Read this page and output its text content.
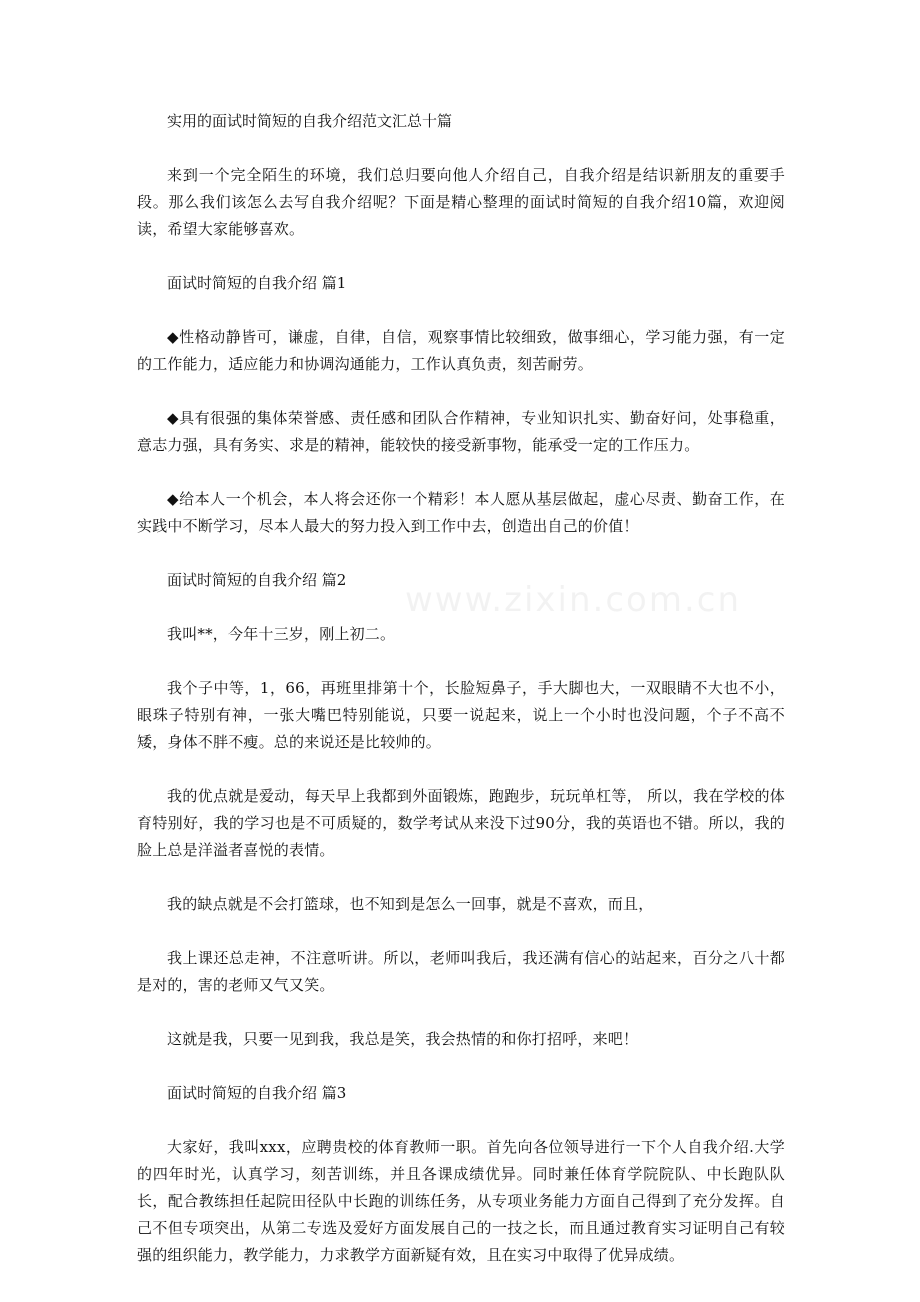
www.zixin.com.cn

实用的面试时简短的自我介绍范文汇总十篇

来到一个完全陌生的环境，我们总归要向他人介绍自己，自我介绍是结识新朋友的重要手段。那么我们该怎么去写自我介绍呢？下面是精心整理的面试时简短的自我介绍10篇，欢迎阅读，希望大家能够喜欢。

面试时简短的自我介绍 篇1

◆性格动静皆可，谦虚，自律，自信，观察事情比较细致，做事细心，学习能力强，有一定的工作能力，适应能力和协调沟通能力，工作认真负责，刻苦耐劳。

◆具有很强的集体荣誉感、责任感和团队合作精神，专业知识扎实、勤奋好问，处事稳重，意志力强，具有务实、求是的精神，能较快的接受新事物，能承受一定的工作压力。

◆给本人一个机会，本人将会还你一个精彩！本人愿从基层做起，虚心尽责、勤奋工作，在实践中不断学习，尽本人最大的努力投入到工作中去，创造出自己的价值！

面试时简短的自我介绍 篇2

我叫**，今年十三岁，刚上初二。

我个子中等，1，66，再班里排第十个，长脸短鼻子，手大脚也大，一双眼睛不大也不小，眼珠子特别有神，一张大嘴巴特别能说，只要一说起来，说上一个小时也没问题，个子不高不矮，身体不胖不瘦。总的来说还是比较帅的。

我的优点就是爱动，每天早上我都到外面锻炼，跑跑步，玩玩单杠等， 所以，我在学校的体育特别好，我的学习也是不可质疑的，数学考试从来没下过90分，我的英语也不错。所以，我的脸上总是洋溢者喜悦的表情。

我的缺点就是不会打篮球，也不知到是怎么一回事，就是不喜欢，而且，

我上课还总走神，不注意听讲。所以，老师叫我后，我还满有信心的站起来，百分之八十都是对的，害的老师又气又笑。

这就是我，只要一见到我，我总是笑，我会热情的和你打招呼，来吧！

面试时简短的自我介绍 篇3

大家好，我叫xxx，应聘贵校的体育教师一职。首先向各位领导进行一下个人自我介绍.大学的四年时光，认真学习，刻苦训练，并且各课成绩优异。同时兼任体育学院院队、中长跑队队长，配合教练担任起院田径队中长跑的训练任务，从专项业务能力方面自己得到了充分发挥。自己不但专项突出，从第二专选及爱好方面发展自己的一技之长，而且通过教育实习证明自己有较强的组织能力，教学能力，力求教学方面新疑有效，且在实习中取得了优异成绩。
